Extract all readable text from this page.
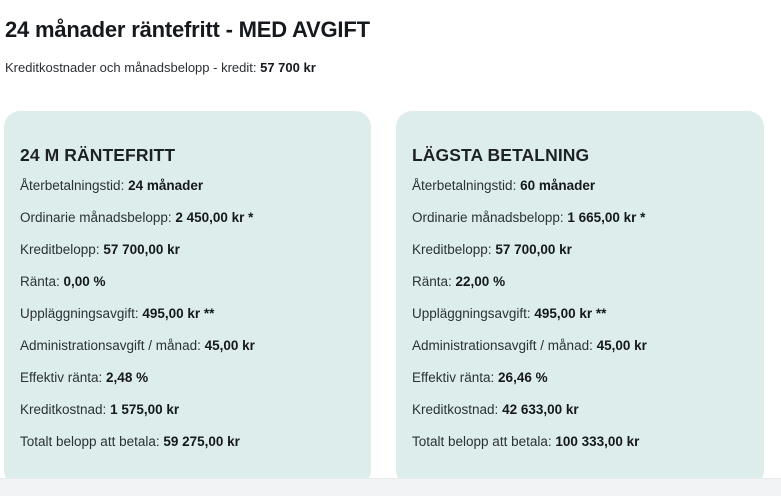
24 månader räntefritt - MED AVGIFT
Kreditkostnader och månadsbelopp - kredit: 57 700 kr
24 M RÄNTEFRITT
Återbetalningstid: 24 månader
Ordinarie månadsbelopp: 2 450,00 kr *
Kreditbelopp: 57 700,00 kr
Ränta: 0,00 %
Uppläggningsavgift: 495,00 kr **
Administrationsavgift / månad: 45,00 kr
Effektiv ränta: 2,48 %
Kreditkostnad: 1 575,00 kr
Totalt belopp att betala: 59 275,00 kr
LÄGSTA BETALNING
Återbetalningstid: 60 månader
Ordinarie månadsbelopp: 1 665,00 kr *
Kreditbelopp: 57 700,00 kr
Ränta: 22,00 %
Uppläggningsavgift: 495,00 kr **
Administrationsavgift / månad: 45,00 kr
Effektiv ränta: 26,46 %
Kreditkostnad: 42 633,00 kr
Totalt belopp att betala: 100 333,00 kr
